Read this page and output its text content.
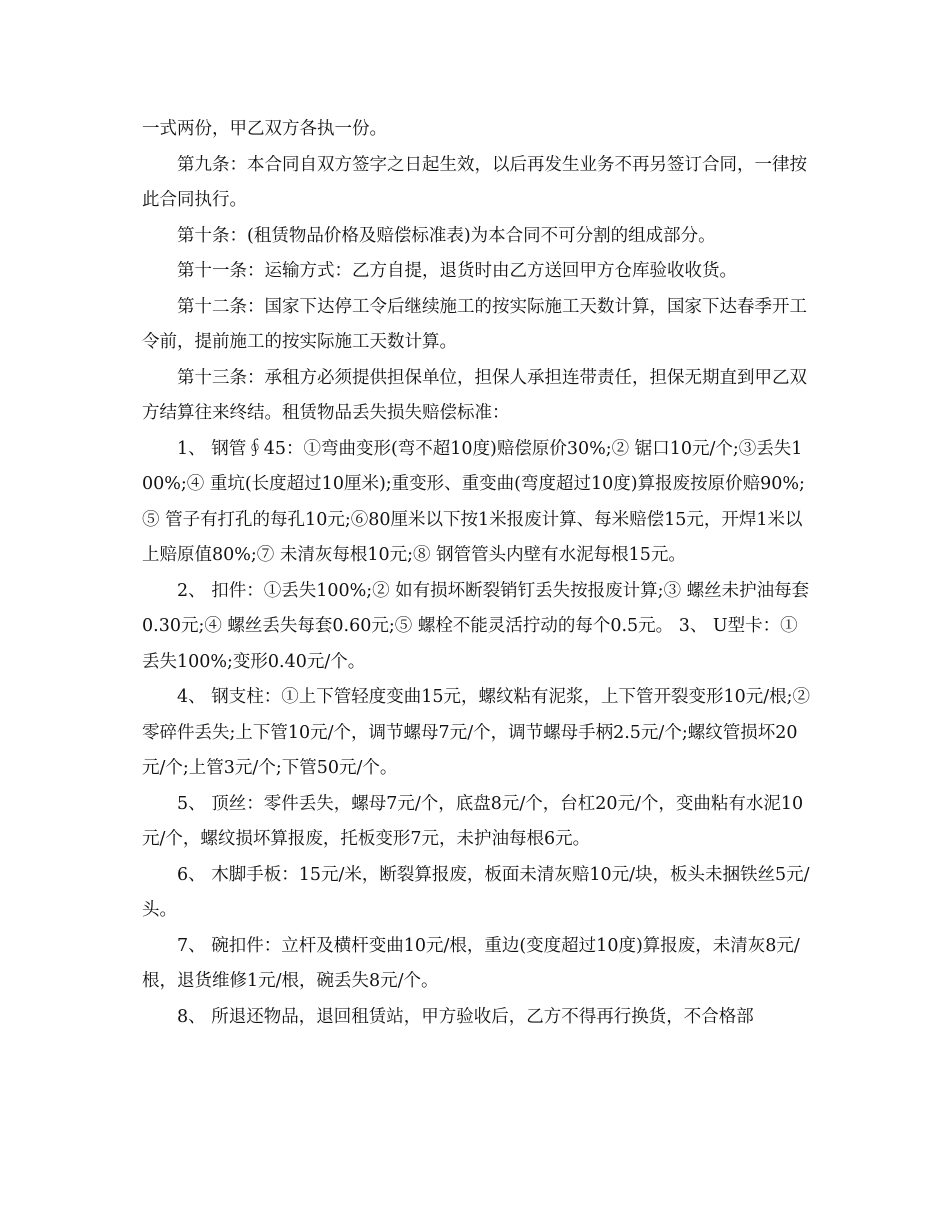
一式两份，甲乙双方各执一份。

第九条：本合同自双方签字之日起生效，以后再发生业务不再另签订合同，一律按此合同执行。

第十条：(租赁物品价格及赔偿标准表)为本合同不可分割的组成部分。

第十一条：运输方式：乙方自提，退货时由乙方送回甲方仓库验收收货。

第十二条：国家下达停工令后继续施工的按实际施工天数计算，国家下达春季开工令前，提前施工的按实际施工天数计算。

第十三条：承租方必须提供担保单位，担保人承担连带责任，担保无期直到甲乙双方结算往来终结。租赁物品丢失损失赔偿标准：

1、 钢管∮45：①弯曲变形(弯不超10度)赔偿原价30%;② 锯口10元/个;③丢失100%;④ 重坑(长度超过10厘米);重变形、重变曲(弯度超过10度)算报废按原价赔90%;⑤ 管子有打孔的每孔10元;⑥80厘米以下按1米报废计算、每米赔偿15元，开焊1米以上赔原值80%;⑦ 未清灰每根10元;⑧ 钢管管头内壁有水泥每根15元。

2、 扣件：①丢失100%;② 如有损坏断裂销钉丢失按报废计算;③ 螺丝未护油每套0.30元;④ 螺丝丢失每套0.60元;⑤ 螺栓不能灵活拧动的每个0.5元。 3、 U型卡：①丢失100%;变形0.40元/个。

4、 钢支柱：①上下管轻度变曲15元，螺纹粘有泥浆，上下管开裂变形10元/根;② 零碎件丢失;上下管10元/个，调节螺母7元/个，调节螺母手柄2.5元/个;螺纹管损坏20元/个;上管3元/个;下管50元/个。

5、 顶丝：零件丢失，螺母7元/个，底盘8元/个，台杠20元/个，变曲粘有水泥10元/个，螺纹损坏算报废，托板变形7元，未护油每根6元。

6、 木脚手板：15元/米，断裂算报废，板面未清灰赔10元/块，板头未捆铁丝5元/头。

7、 碗扣件：立杆及横杆变曲10元/根，重边(变度超过10度)算报废，未清灰8元/根，退货维修1元/根，碗丢失8元/个。

8、 所退还物品，退回租赁站，甲方验收后，乙方不得再行换货，不合格部
